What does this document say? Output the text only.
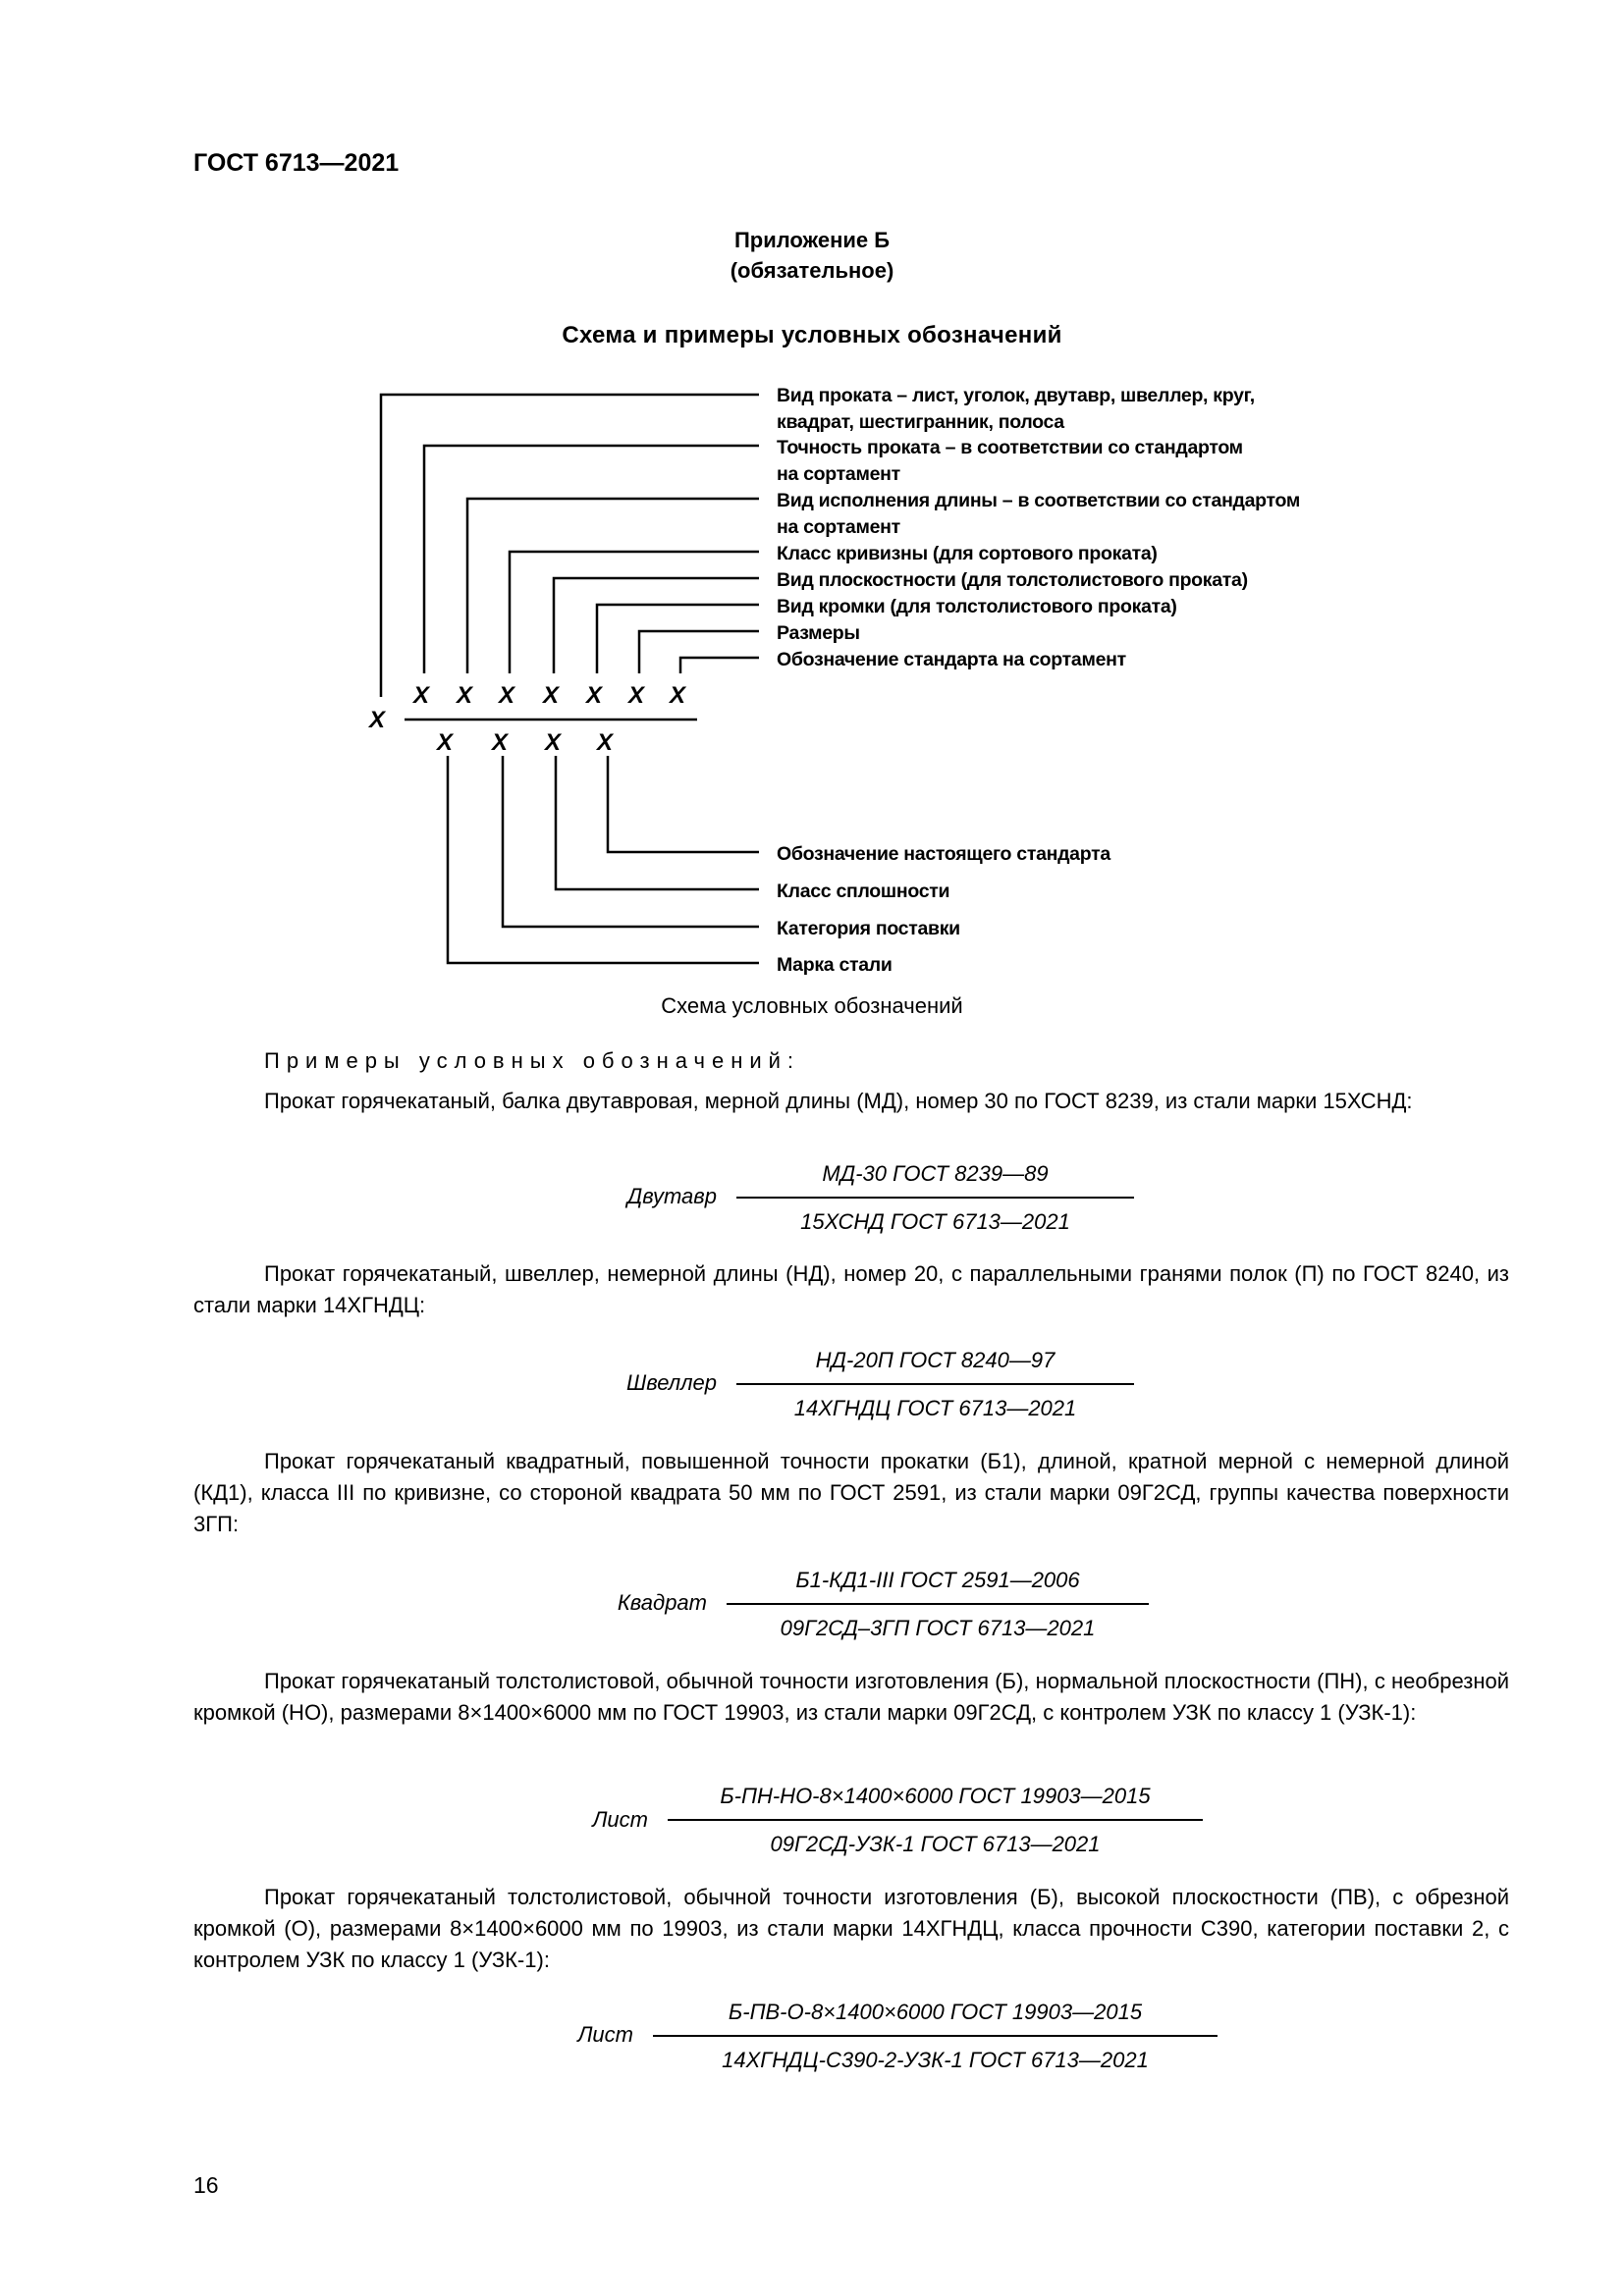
ГОСТ 6713—2021
Приложение Б
(обязательное)
Схема и примеры условных обозначений
X
X X X X X X X
X X X X
Вид проката – лист, уголок, двутавр, швеллер, круг,
квадрат, шестигранник, полоса
Точность проката – в соответствии со стандартом
на сортамент
Вид исполнения длины – в соответствии со стандартом
на сортамент
Класс кривизны (для сортового проката)
Вид плоскостности (для толстолистового проката)
Вид кромки (для толстолистового проката)
Размеры
Обозначение стандарта на сортамент
Обозначение настоящего стандарта
Класс сплошности
Категория поставки
Марка стали
Схема условных обозначений
Примеры условных обозначений:
Прокат горячекатаный, балка двутавровая, мерной длины (МД), номер 30 по ГОСТ 8239, из стали марки 15ХСНД:
Двутавр
МД-30 ГОСТ 8239—89
15ХСНД ГОСТ 6713—2021
Прокат горячекатаный, швеллер, немерной длины (НД), номер 20, с параллельными гранями полок (П) по ГОСТ 8240, из стали марки 14ХГНДЦ:
Швеллер
НД-20П ГОСТ 8240—97
14ХГНДЦ ГОСТ 6713—2021
Прокат горячекатаный квадратный, повышенной точности прокатки (Б1), длиной, кратной мерной с немерной длиной (КД1), класса III по кривизне, со стороной квадрата 50 мм по ГОСТ 2591, из стали марки 09Г2СД, группы качества поверхности 3ГП:
Квадрат
Б1-КД1-III ГОСТ 2591—2006
09Г2СД–3ГП ГОСТ 6713—2021
Прокат горячекатаный толстолистовой, обычной точности изготовления (Б), нормальной плоскостности (ПН), с необрезной кромкой (НО), размерами 8×1400×6000 мм по ГОСТ 19903, из стали марки 09Г2СД, с контролем УЗК по классу 1 (УЗК-1):
Лист
Б-ПН-НО-8×1400×6000 ГОСТ 19903—2015
09Г2СД-УЗК-1 ГОСТ 6713—2021
Прокат горячекатаный толстолистовой, обычной точности изготовления (Б), высокой плоскостности (ПВ), с обрезной кромкой (О), размерами 8×1400×6000 мм по 19903, из стали марки 14ХГНДЦ, класса прочности С390, категории поставки 2, с контролем УЗК по классу 1 (УЗК-1):
Лист
Б-ПВ-О-8×1400×6000 ГОСТ 19903—2015
14ХГНДЦ-С390-2-УЗК-1 ГОСТ 6713—2021
16
